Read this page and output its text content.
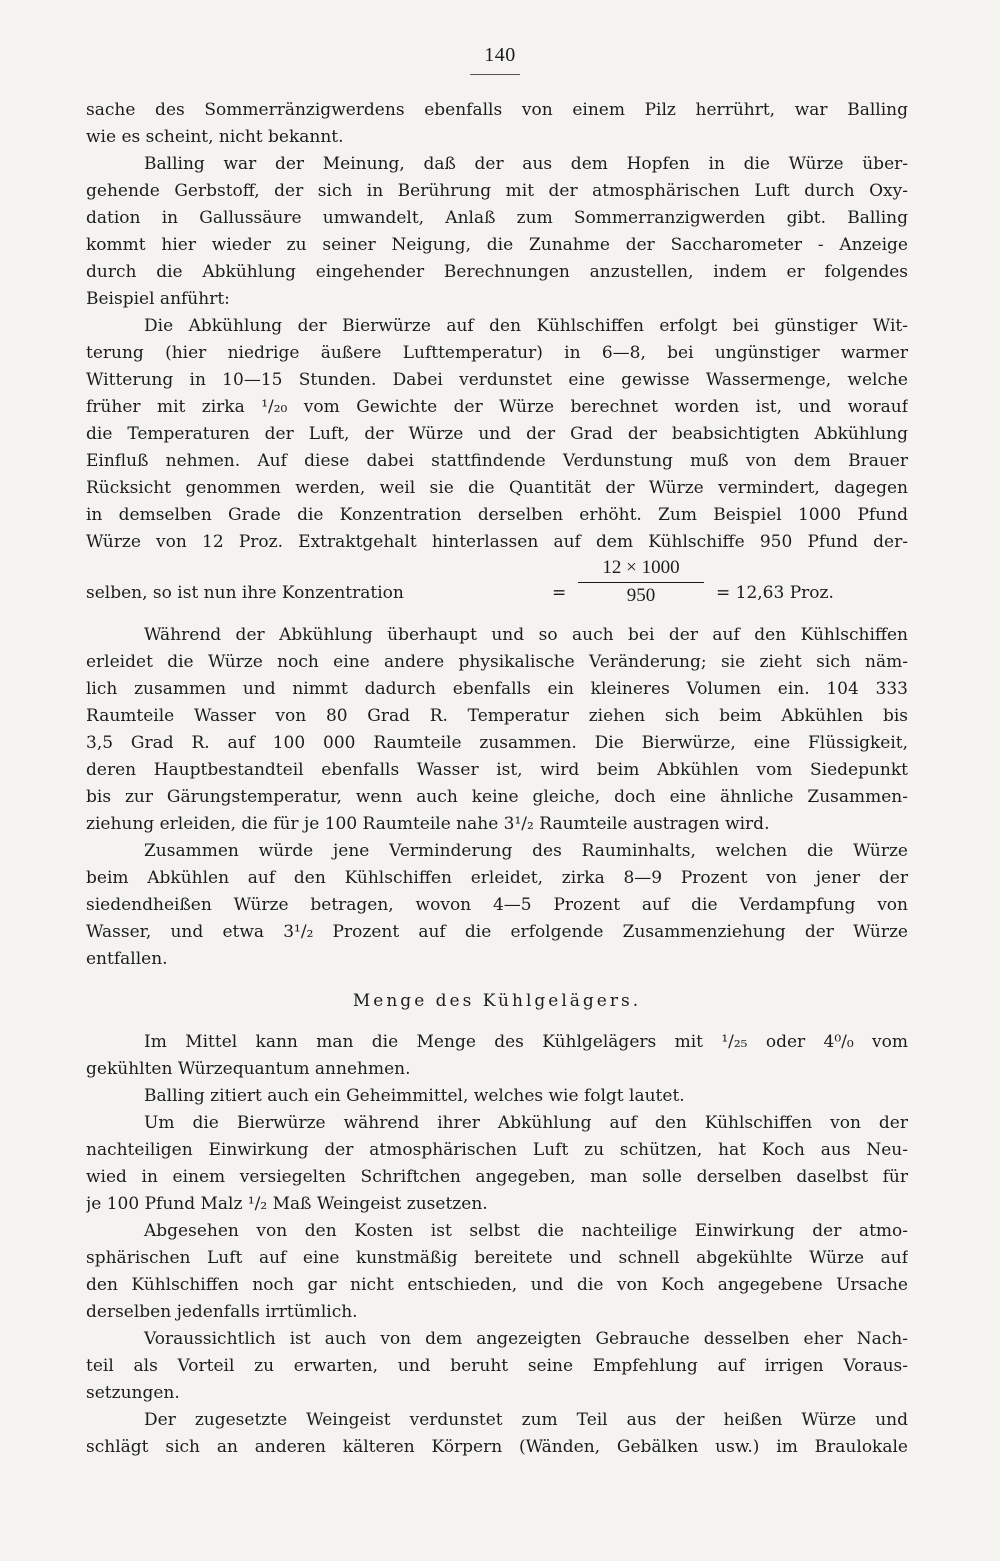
140
sache des Sommerränzigwerdens ebenfalls von einem Pilz herrührt, war Balling
wie es scheint, nicht bekannt.
Balling war der Meinung, daß der aus dem Hopfen in die Würze über-
gehende Gerbstoff, der sich in Berührung mit der atmosphärischen Luft durch Oxy-
dation in Gallussäure umwandelt, Anlaß zum Sommerranzigwerden gibt. Balling
kommt hier wieder zu seiner Neigung, die Zunahme der Saccharometer - Anzeige
durch die Abkühlung eingehender Berechnungen anzustellen, indem er folgendes
Beispiel anführt:
Die Abkühlung der Bierwürze auf den Kühlschiffen erfolgt bei günstiger Wit-
terung (hier niedrige äußere Lufttemperatur) in 6—8, bei ungünstiger warmer
Witterung in 10—15 Stunden. Dabei verdunstet eine gewisse Wassermenge, welche
früher mit zirka ¹/₂₀ vom Gewichte der Würze berechnet worden ist, und worauf
die Temperaturen der Luft, der Würze und der Grad der beabsichtigten Abkühlung
Einfluß nehmen. Auf diese dabei stattfindende Verdunstung muß von dem Brauer
Rücksicht genommen werden, weil sie die Quantität der Würze vermindert, dagegen
in demselben Grade die Konzentration derselben erhöht. Zum Beispiel 1000 Pfund
Würze von 12 Proz. Extraktgehalt hinterlassen auf dem Kühlschiffe 950 Pfund der-
selben, so ist nun ihre Konzentration	=
12 × 1000
950	= 12,63 Proz.
Während der Abkühlung überhaupt und so auch bei der auf den Kühlschiffen
erleidet die Würze noch eine andere physikalische Veränderung; sie zieht sich näm-
lich zusammen und nimmt dadurch ebenfalls ein kleineres Volumen ein. 104 333
Raumteile Wasser von 80 Grad R. Temperatur ziehen sich beim Abkühlen bis
3,5 Grad R. auf 100 000 Raumteile zusammen. Die Bierwürze, eine Flüssigkeit,
deren Hauptbestandteil ebenfalls Wasser ist, wird beim Abkühlen vom Siedepunkt
bis zur Gärungstemperatur, wenn auch keine gleiche, doch eine ähnliche Zusammen-
ziehung erleiden, die für je 100 Raumteile nahe 3¹/₂ Raumteile austragen wird.
Zusammen würde jene Verminderung des Rauminhalts, welchen die Würze
beim Abkühlen auf den Kühlschiffen erleidet, zirka 8—9 Prozent von jener der
siedendheißen Würze betragen, wovon 4—5 Prozent auf die Verdampfung von
Wasser, und etwa 3¹/₂ Prozent auf die erfolgende Zusammenziehung der Würze
entfallen.
Menge des Kühlgelägers.
Im Mittel kann man die Menge des Kühlgelägers mit ¹/₂₅ oder 4⁰/₀ vom
gekühlten Würzequantum annehmen.
Balling zitiert auch ein Geheimmittel, welches wie folgt lautet.
Um die Bierwürze während ihrer Abkühlung auf den Kühlschiffen von der
nachteiligen Einwirkung der atmosphärischen Luft zu schützen, hat Koch aus Neu-
wied in einem versiegelten Schriftchen angegeben, man solle derselben daselbst für
je 100 Pfund Malz ¹/₂ Maß Weingeist zusetzen.
Abgesehen von den Kosten ist selbst die nachteilige Einwirkung der atmo-
sphärischen Luft auf eine kunstmäßig bereitete und schnell abgekühlte Würze auf
den Kühlschiffen noch gar nicht entschieden, und die von Koch angegebene Ursache
derselben jedenfalls irrtümlich.
Voraussichtlich ist auch von dem angezeigten Gebrauche desselben eher Nach-
teil als Vorteil zu erwarten, und beruht seine Empfehlung auf irrigen Voraus-
setzungen.
Der zugesetzte Weingeist verdunstet zum Teil aus der heißen Würze und
schlägt sich an anderen kälteren Körpern (Wänden, Gebälken usw.) im Braulokale
